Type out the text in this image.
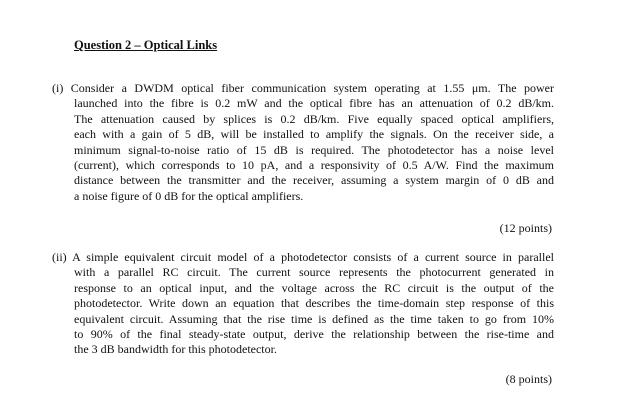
Question 2 – Optical Links
(i) Consider a DWDM optical fiber communication system operating at 1.55 μm. The power
launched into the fibre is 0.2 mW and the optical fibre has an attenuation of 0.2 dB/km.
The attenuation caused by splices is 0.2 dB/km. Five equally spaced optical amplifiers,
each with a gain of 5 dB, will be installed to amplify the signals. On the receiver side, a
minimum signal-to-noise ratio of 15 dB is required. The photodetector has a noise level
(current), which corresponds to 10 pA, and a responsivity of 0.5 A/W. Find the maximum
distance between the transmitter and the receiver, assuming a system margin of 0 dB and
a noise figure of 0 dB for the optical amplifiers.
(12 points)
(ii) A simple equivalent circuit model of a photodetector consists of a current source in parallel
with a parallel RC circuit. The current source represents the photocurrent generated in
response to an optical input, and the voltage across the RC circuit is the output of the
photodetector. Write down an equation that describes the time-domain step response of this
equivalent circuit. Assuming that the rise time is defined as the time taken to go from 10%
to 90% of the final steady-state output, derive the relationship between the rise-time and
the 3 dB bandwidth for this photodetector.
(8 points)
